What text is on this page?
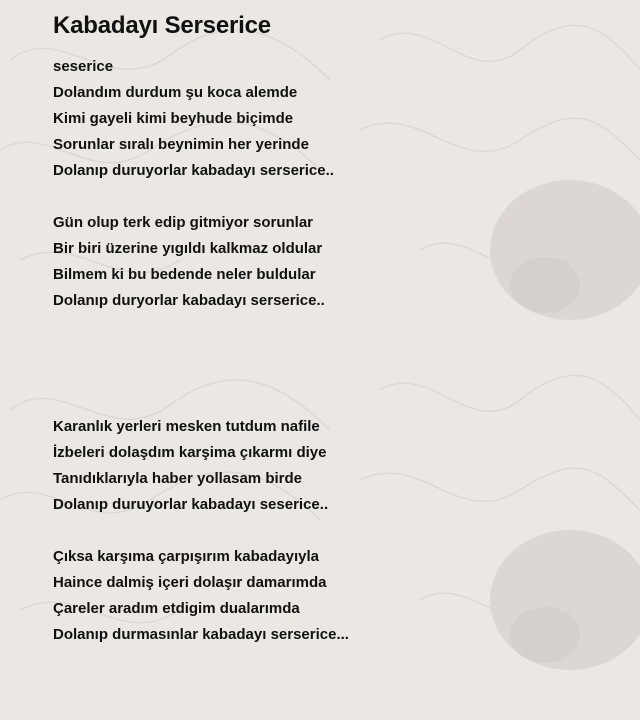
Kabadayı Serserice
seserice
Dolandım durdum şu koca alemde
Kimi gayeli kimi beyhude biçimde
Sorunlar sıralı beynimin her yerinde
Dolanıp duruyorlar kabadayı serserice..
Gün olup terk edip gitmiyor sorunlar
Bir biri üzerine yıgıldı kalkmaz oldular
Bilmem ki bu bedende neler buldular
Dolanıp duryorlar kabadayı serserice..
Karanlık yerleri mesken tutdum nafile
İzbeleri dolaşdım karşima çıkarmı diye
Tanıdıklarıyla haber yollasam birde
Dolanıp duruyorlar kabadayı seserice..
Çıksa karşıma çarpışırım kabadayıyla
Haince dalmiş içeri dolaşır damarımda
Çareler aradım etdigim dualarımda
Dolanıp durmasınlar kabadayı serserice...
